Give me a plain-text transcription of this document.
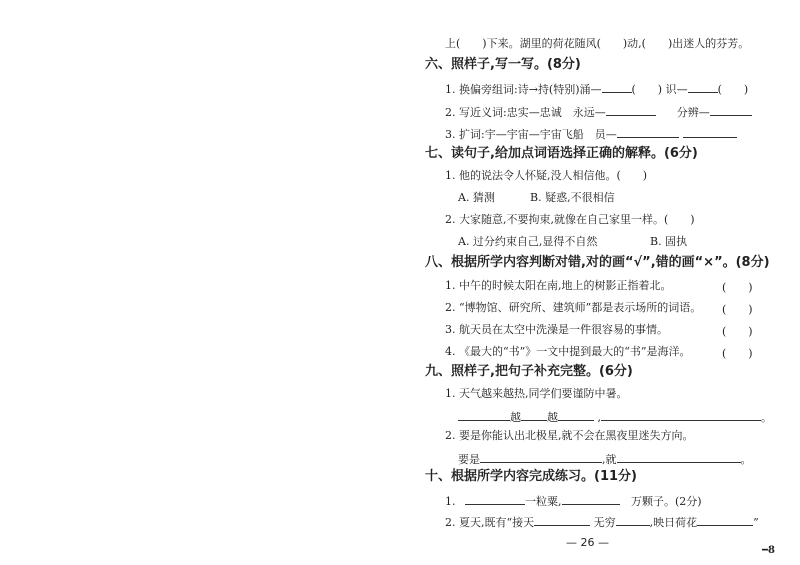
上(　　)下来。湖里的荷花随风(　　)动,(　　)出迷人的芬芳。
六、照样子,写一写。(8分)
1. 换偏旁组词:诗→持(特别)涌—	(　　) 识—	(　　)
2. 写近义词:忠实—忠诚　永远—	分辨—
3. 扩词:宇—宇宙—宇宙飞船　员—
七、读句子,给加点词语选择正确的解释。(6分)
1. 他的说法令人怀疑,没人相信他。(　　)
A. 猜测	B. 疑惑,不很相信
2. 大家随意,不要拘束,就像在自己家里一样。(　　)
A. 过分约束自己,显得不自然	B. 固执
八、根据所学内容判断对错,对的画“√”,错的画“×”。(8分)
1. 中午的时候太阳在南,地上的树影正指着北。	(　　)
2. “博物馆、研究所、建筑师”都是表示场所的词语。 (　　)
3. 航天员在太空中洗澡是一件很容易的事情。	(　　)
4. 《最大的“书”》一文中提到最大的“书”是海洋。	(　　)
九、照样子,把句子补充完整。(6分)
1. 天气越来越热,同学们要谨防中暑。
越 越	,	。
2. 要是你能认出北极星,就不会在黑夜里迷失方向。
要是	,就	。
十、根据所学内容完成练习。(11分)
1.	一粒粟,	万颗子。(2分)
2. 夏天,既有“接天	无穷	,映日荷花	”
— 26 —
━8
